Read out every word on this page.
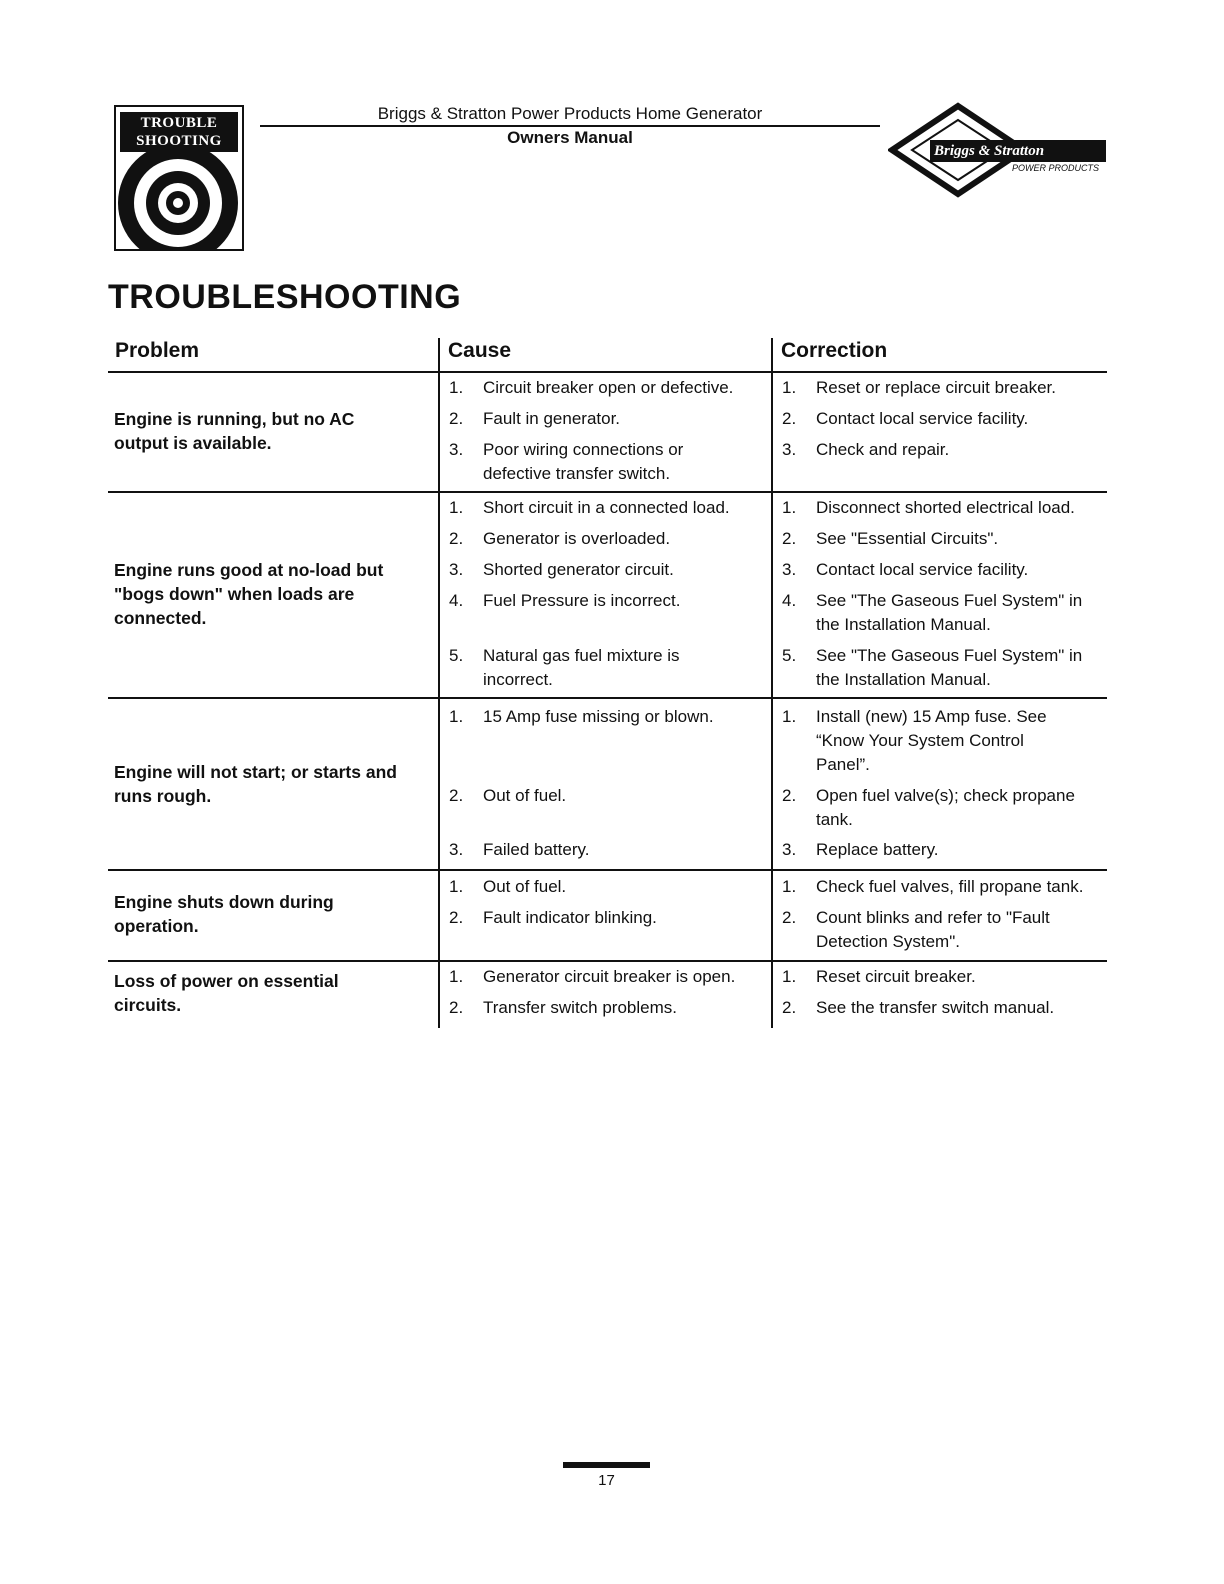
TROUBLE
SHOOTING
Briggs & Stratton Power Products Home Generator
Owners Manual
Briggs & Stratton
POWER PRODUCTS
TROUBLESHOOTING
Problem	Cause	Correction
Engine is running, but no AC
output is available.
1. Circuit breaker open or defective.
2. Fault in generator.
3. Poor wiring connections or
defective transfer switch.
1. Reset or replace circuit breaker.
2. Contact local service facility.
3. Check and repair.
Engine runs good at no-load but
"bogs down" when loads are
connected.
1. Short circuit in a connected load.
2. Generator is overloaded.
3. Shorted generator circuit.
4. Fuel Pressure is incorrect.
5. Natural gas fuel mixture is
incorrect.
1. Disconnect shorted electrical load.
2. See "Essential Circuits".
3. Contact local service facility.
4. See "The Gaseous Fuel System" in
the Installation Manual.
5. See "The Gaseous Fuel System" in
the Installation Manual.
Engine will not start; or starts and
runs rough.
1. 15 Amp fuse missing or blown.
2. Out of fuel.
3. Failed battery.
1. Install (new) 15 Amp fuse. See
“Know Your System Control
Panel”.
2. Open fuel valve(s); check propane
tank.
3. Replace battery.
Engine shuts down during
operation.
1. Out of fuel.
2. Fault indicator blinking.
1. Check fuel valves, fill propane tank.
2. Count blinks and refer to "Fault
Detection System".
Loss of power on essential
circuits.
1. Generator circuit breaker is open.
2. Transfer switch problems.
1. Reset circuit breaker.
2. See the transfer switch manual.
17
